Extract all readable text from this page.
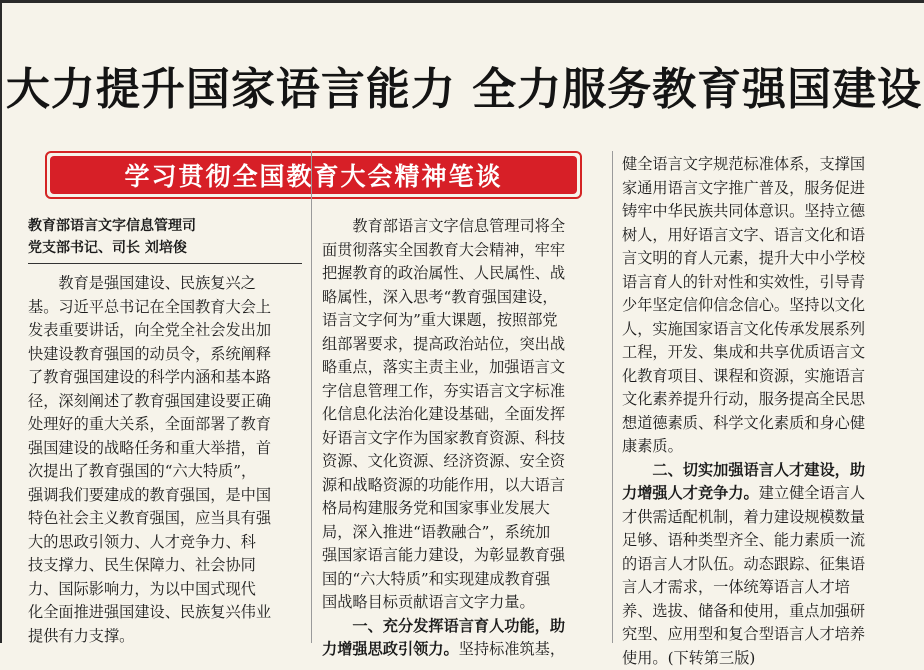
大力提升国家语言能力 全力服务教育强国建设
学习贯彻全国教育大会精神笔谈
教育部语言文字信息管理司
党支部书记、司长 刘培俊
教育是强国建设、民族复兴之
基。习近平总书记在全国教育大会上
发表重要讲话，向全党全社会发出加
快建设教育强国的动员令，系统阐释
了教育强国建设的科学内涵和基本路
径，深刻阐述了教育强国建设要正确
处理好的重大关系，全面部署了教育
强国建设的战略任务和重大举措，首
次提出了教育强国的“六大特质”，
强调我们要建成的教育强国，是中国
特色社会主义教育强国，应当具有强
大的思政引领力、人才竞争力、科
技支撑力、民生保障力、社会协同
力、国际影响力，为以中国式现代
化全面推进强国建设、民族复兴伟业
提供有力支撑。
教育部语言文字信息管理司将全
面贯彻落实全国教育大会精神，牢牢
把握教育的政治属性、人民属性、战
略属性，深入思考“教育强国建设，
语言文字何为”重大课题，按照部党
组部署要求，提高政治站位，突出战
略重点，落实主责主业，加强语言文
字信息管理工作，夯实语言文字标准
化信息化法治化建设基础，全面发挥
好语言文字作为国家教育资源、科技
资源、文化资源、经济资源、安全资
源和战略资源的功能作用，以大语言
格局构建服务党和国家事业发展大
局，深入推进“语教融合”，系统加
强国家语言能力建设，为彰显教育强
国的“六大特质”和实现建成教育强
国战略目标贡献语言文字力量。
一、充分发挥语言育人功能，助
力增强思政引领力。坚持标准筑基，
健全语言文字规范标准体系，支撑国
家通用语言文字推广普及，服务促进
铸牢中华民族共同体意识。坚持立德
树人，用好语言文字、语言文化和语
言文明的育人元素，提升大中小学校
语言育人的针对性和实效性，引导青
少年坚定信仰信念信心。坚持以文化
人，实施国家语言文化传承发展系列
工程，开发、集成和共享优质语言文
化教育项目、课程和资源，实施语言
文化素养提升行动，服务提高全民思
想道德素质、科学文化素质和身心健
康素质。
二、切实加强语言人才建设，助
力增强人才竞争力。建立健全语言人
才供需适配机制，着力建设规模数量
足够、语种类型齐全、能力素质一流
的语言人才队伍。动态跟踪、征集语
言人才需求，一体统筹语言人才培
养、选拔、储备和使用，重点加强研
究型、应用型和复合型语言人才培养
使用。(下转第三版)
